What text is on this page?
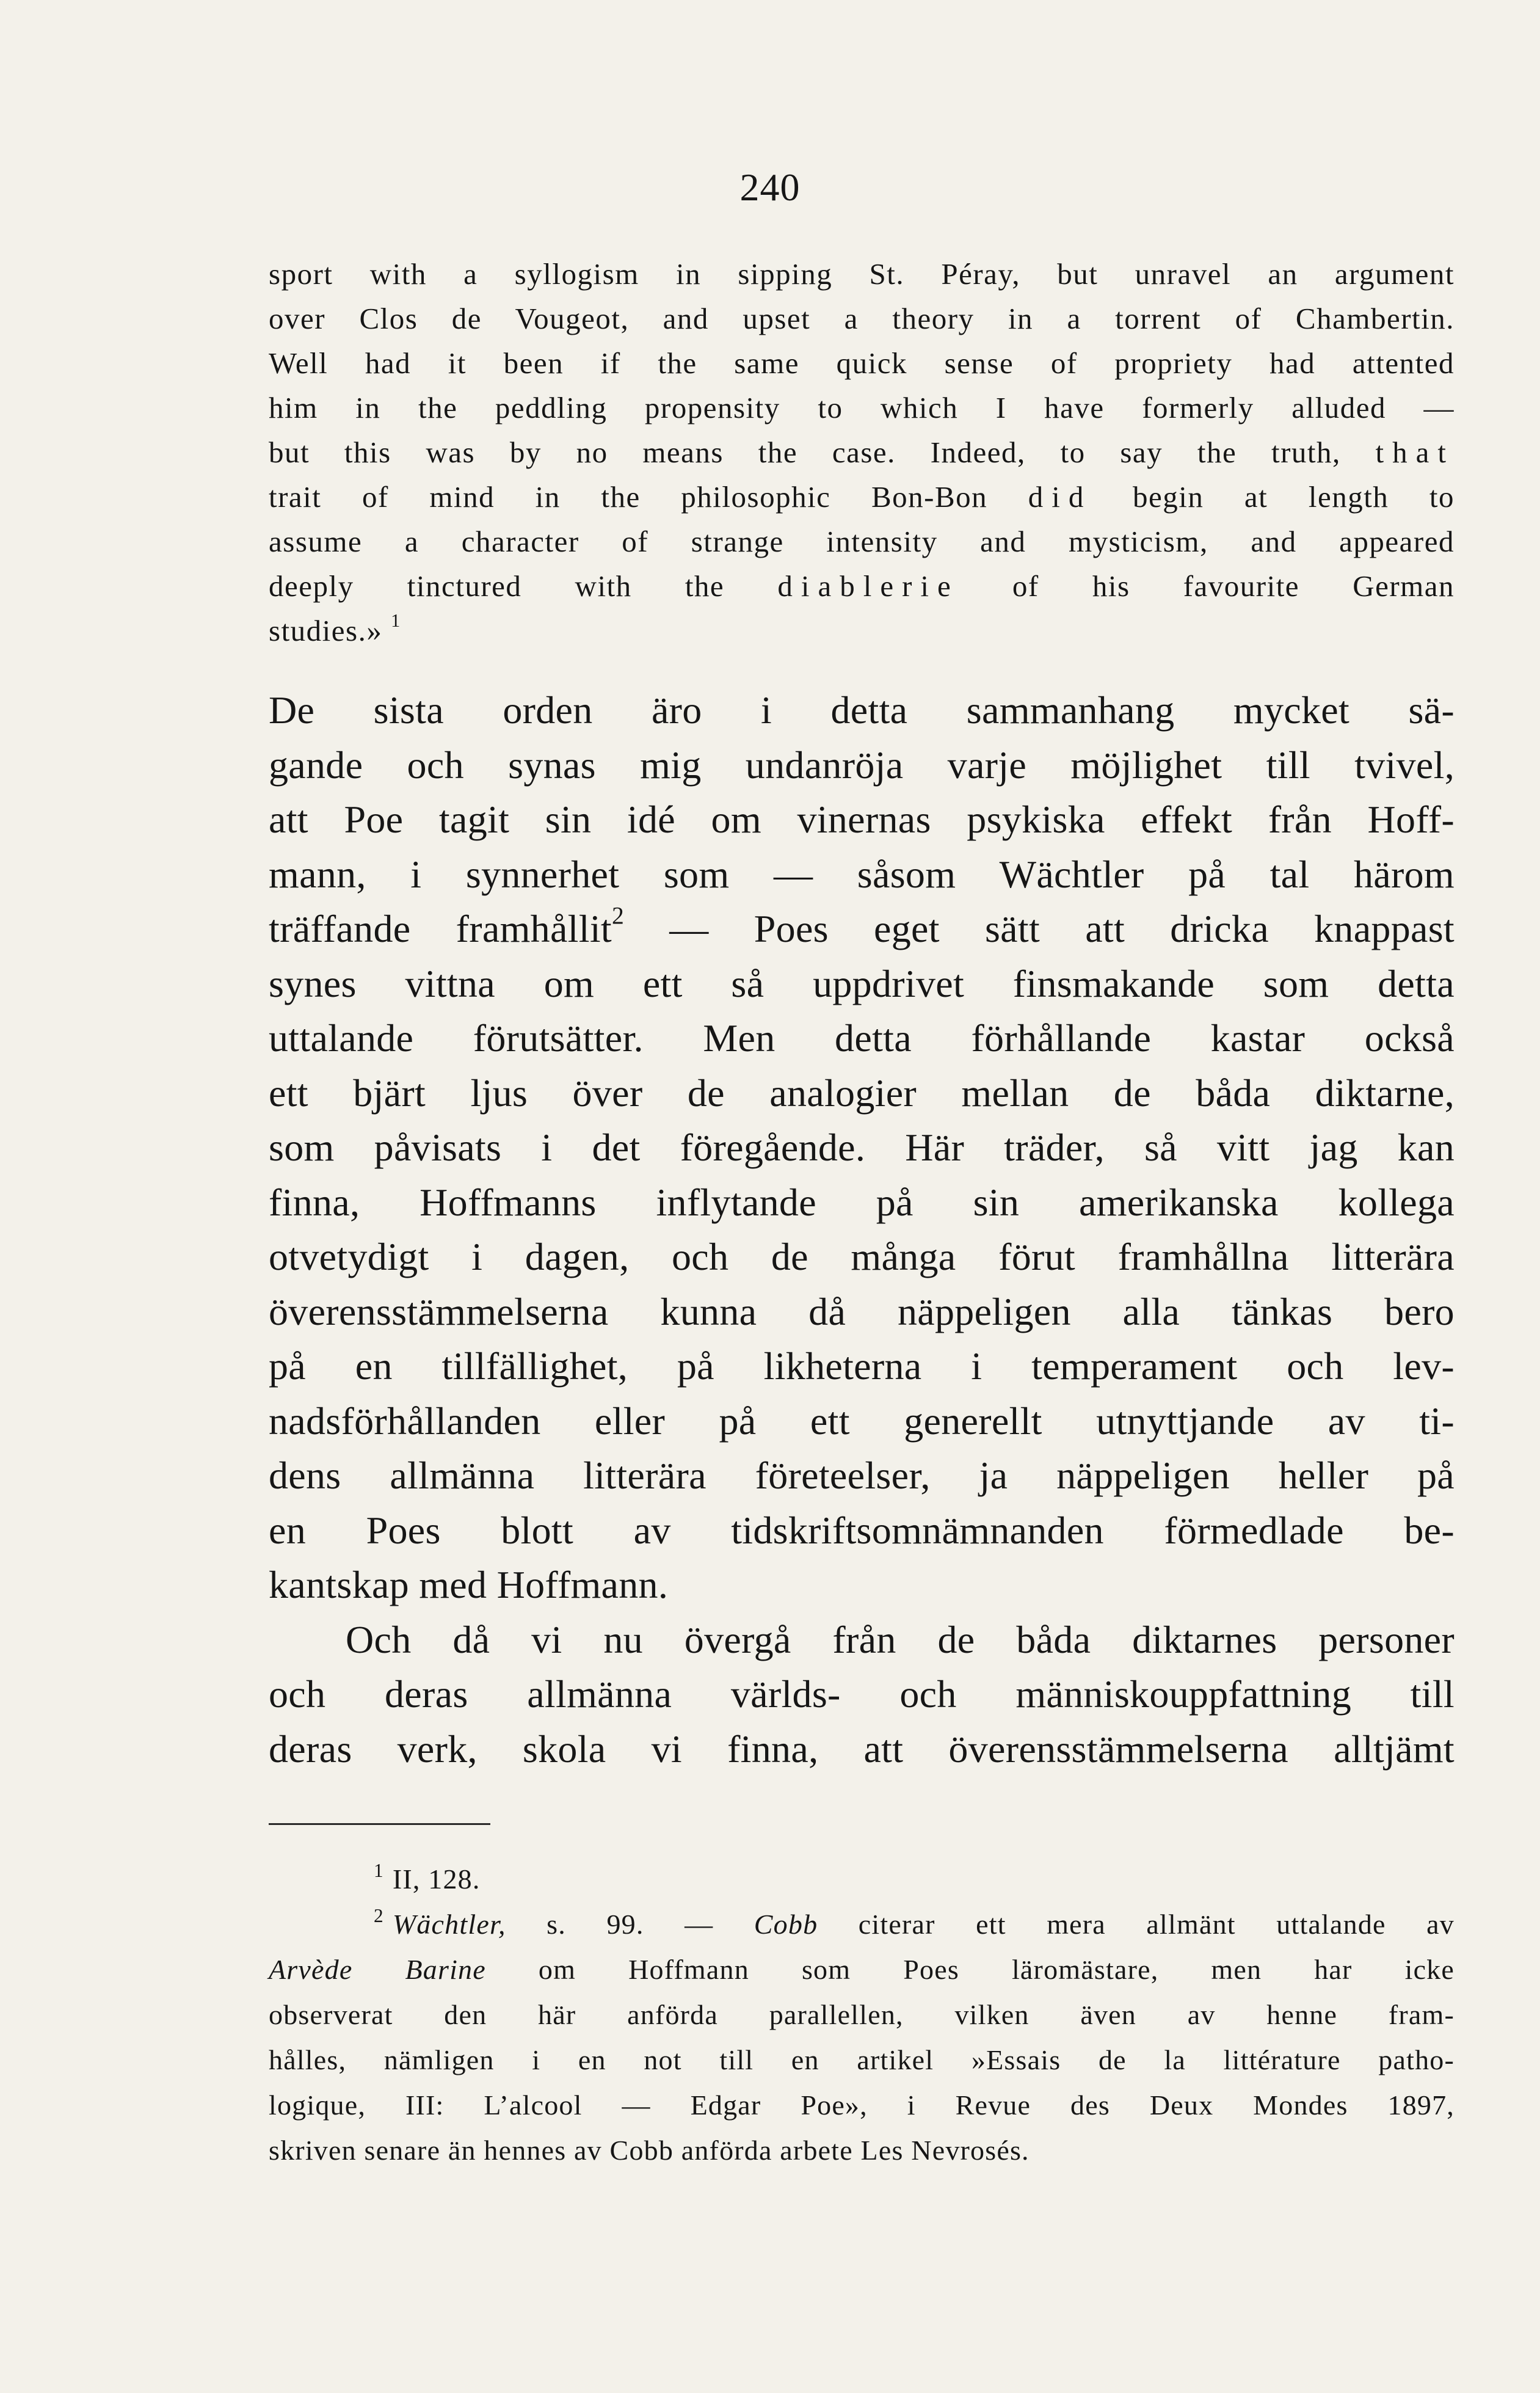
240
sport with a syllogism in sipping St. Péray, but unravel an argument
over Clos de Vougeot, and upset a theory in a torrent of Chambertin.
Well had it been if the same quick sense of propriety had attented
him in the peddling propensity to which I have formerly alluded —
but this was by no means the case. Indeed, to say the truth, that
trait of mind in the philosophic Bon-Bon did begin at length to
assume a character of strange intensity and mysticism, and appeared
deeply tinctured with the diablerie of his favourite German
studies.» $^1$
De sista orden äro i detta sammanhang mycket sä-
gande och synas mig undanröja varje möjlighet till tvivel,
att Poe tagit sin idé om vinernas psykiska effekt från Hoff-
mann, i synnerhet som — såsom Wächtler på tal härom
träffande framhållit$^2$ — Poes eget sätt att dricka knappast
synes vittna om ett så uppdrivet finsmakande som detta
uttalande förutsätter. Men detta förhållande kastar också
ett bjärt ljus över de analogier mellan de båda diktarne,
som påvisats i det föregående. Här träder, så vitt jag kan
finna, Hoffmanns inflytande på sin amerikanska kollega
otvetydigt i dagen, och de många förut framhållna litterära
överensstämmelserna kunna då näppeligen alla tänkas bero
på en tillfällighet, på likheterna i temperament och lev-
nadsförhållanden eller på ett generellt utnyttjande av ti-
dens allmänna litterära företeelser, ja näppeligen heller på
en Poes blott av tidskriftsomnämnanden förmedlade be-
kantskap med Hoffmann.
Och då vi nu övergå från de båda diktarnes personer
och deras allmänna världs- och människouppfattning till
deras verk, skola vi finna, att överensstämmelserna alltjämt
$^1$ II, 128.
$^2$ Wächtler, s. 99. — Cobb citerar ett mera allmänt uttalande av
Arvède Barine om Hoffmann som Poes läromästare, men har icke
observerat den här anförda parallellen, vilken även av henne fram-
hålles, nämligen i en not till en artikel »Essais de la littérature patho-
logique, III: L’alcool — Edgar Poe», i Revue des Deux Mondes 1897,
skriven senare än hennes av Cobb anförda arbete Les Nevrosés.
